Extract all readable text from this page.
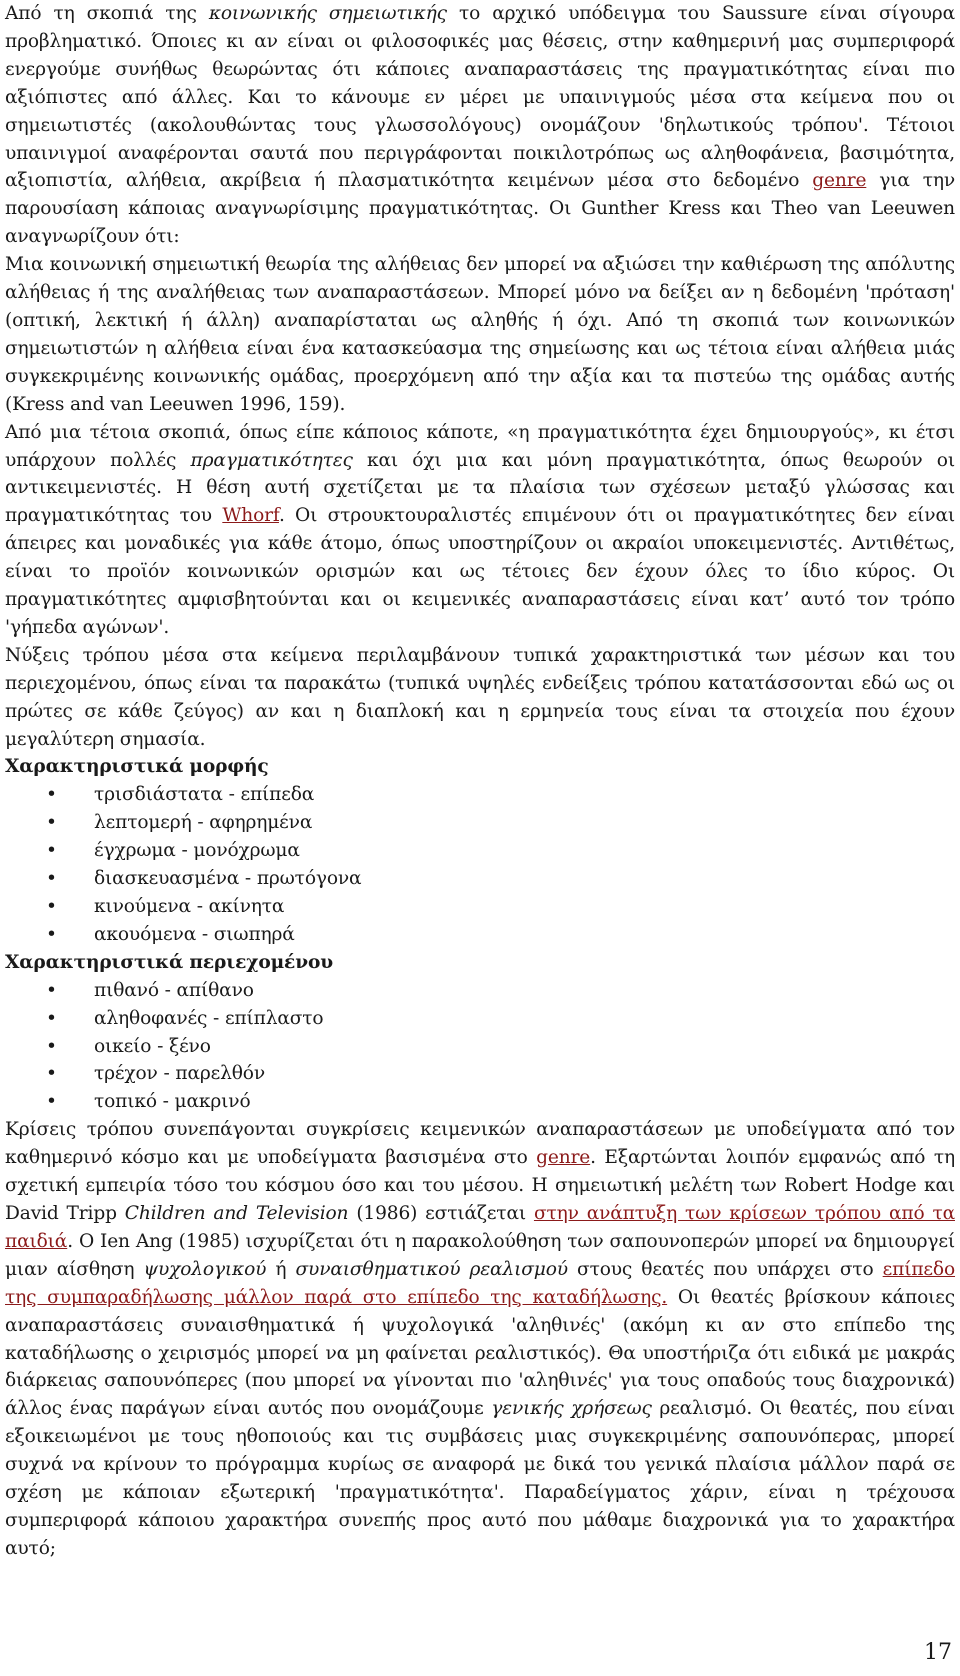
Από τη σκοπιά της κοινωνικής σημειωτικής το αρχικό υπόδειγμα του Saussure είναι σίγουρα προβληματικό. Όποιες κι αν είναι οι φιλοσοφικές μας θέσεις, στην καθημερινή μας συμπεριφορά ενεργούμε συνήθως θεωρώντας ότι κάποιες αναπαραστάσεις της πραγματικότητας είναι πιο αξιόπιστες από άλλες. Και το κάνουμε εν μέρει με υπαινιγμούς μέσα στα κείμενα που οι σημειωτιστές (ακολουθώντας τους γλωσσολόγους) ονομάζουν 'δηλωτικούς τρόπου'. Τέτοιοι υπαινιγμοί αναφέρονται σαυτά που περιγράφονται ποικιλοτρόπως ως αληθοφάνεια, βασιμότητα, αξιοπιστία, αλήθεια, ακρίβεια ή πλασματικότητα κειμένων μέσα στο δεδομένο genre για την παρουσίαση κάποιας αναγνωρίσιμης πραγματικότητας. Οι Gunther Kress και Theo van Leeuwen αναγνωρίζουν ότι:

Μια κοινωνική σημειωτική θεωρία της αλήθειας δεν μπορεί να αξιώσει την καθιέρωση της απόλυτης αλήθειας ή της αναλήθειας των αναπαραστάσεων. Μπορεί μόνο να δείξει αν η δεδομένη 'πρόταση' (οπτική, λεκτική ή άλλη) αναπαρίσταται ως αληθής ή όχι. Από τη σκοπιά των κοινωνικών σημειωτιστών η αλήθεια είναι ένα κατασκεύασμα της σημείωσης και ως τέτοια είναι αλήθεια μιάς συγκεκριμένης κοινωνικής ομάδας, προερχόμενη από την αξία και τα πιστεύω της ομάδας αυτής (Kress and van Leeuwen 1996, 159).

Από μια τέτοια σκοπιά, όπως είπε κάποιος κάποτε, «η πραγματικότητα έχει δημιουργούς», κι έτσι υπάρχουν πολλές πραγματικότητες και όχι μια και μόνη πραγματικότητα, όπως θεωρούν οι αντικειμενιστές. Η θέση αυτή σχετίζεται με τα πλαίσια των σχέσεων μεταξύ γλώσσας και πραγματικότητας του Whorf. Οι στρουκτουραλιστές επιμένουν ότι οι πραγματικότητες δεν είναι άπειρες και μοναδικές για κάθε άτομο, όπως υποστηρίζουν οι ακραίοι υποκειμενιστές. Αντιθέτως, είναι το προϊόν κοινωνικών ορισμών και ως τέτοιες δεν έχουν όλες το ίδιο κύρος. Οι πραγματικότητες αμφισβητούνται και οι κειμενικές αναπαραστάσεις είναι κατ’ αυτό τον τρόπο 'γήπεδα αγώνων'.

Νύξεις τρόπου μέσα στα κείμενα περιλαμβάνουν τυπικά χαρακτηριστικά των μέσων και του περιεχομένου, όπως είναι τα παρακάτω (τυπικά υψηλές ενδείξεις τρόπου κατατάσσονται εδώ ως οι πρώτες σε κάθε ζεύγος) αν και η διαπλοκή και η ερμηνεία τους είναι τα στοιχεία που έχουν μεγαλύτερη σημασία.

Χαρακτηριστικά μορφής

• τρισδιάστατα - επίπεδα
• λεπτομερή - αφηρημένα
• έγχρωμα - μονόχρωμα
• διασκευασμένα - πρωτόγονα
• κινούμενα - ακίνητα
• ακουόμενα - σιωπηρά

Χαρακτηριστικά περιεχομένου

• πιθανό - απίθανο
• αληθοφανές - επίπλαστο
• οικείο - ξένο
• τρέχον - παρελθόν
• τοπικό - μακρινό

Κρίσεις τρόπου συνεπάγονται συγκρίσεις κειμενικών αναπαραστάσεων με υποδείγματα από τον καθημερινό κόσμο και με υποδείγματα βασισμένα στο genre. Εξαρτώνται λοιπόν εμφανώς από τη σχετική εμπειρία τόσο του κόσμου όσο και του μέσου. Η σημειωτική μελέτη των Robert Hodge και David Tripp Children and Television (1986) εστιάζεται στην ανάπτυξη των κρίσεων τρόπου από τα παιδιά. Ο Ien Ang (1985) ισχυρίζεται ότι η παρακολούθηση των σαπουνοπερών μπορεί να δημιουργεί μιαν αίσθηση ψυχολογικού ή συναισθηματικού ρεαλισμού στους θεατές που υπάρχει στο επίπεδο της συμπαραδήλωσης μάλλον παρά στο επίπεδο της καταδήλωσης. Οι θεατές βρίσκουν κάποιες αναπαραστάσεις συναισθηματικά ή ψυχολογικά 'αληθινές' (ακόμη κι αν στο επίπεδο της καταδήλωσης ο χειρισμός μπορεί να μη φαίνεται ρεαλιστικός). Θα υποστήριζα ότι ειδικά με μακράς διάρκειας σαπουνόπερες (που μπορεί να γίνονται πιο 'αληθινές' για τους οπαδούς τους διαχρονικά) άλλος ένας παράγων είναι αυτός που ονομάζουμε γενικής χρήσεως ρεαλισμό. Οι θεατές, που είναι εξοικειωμένοι με τους ηθοποιούς και τις συμβάσεις μιας συγκεκριμένης σαπουνόπερας, μπορεί συχνά να κρίνουν το πρόγραμμα κυρίως σε αναφορά με δικά του γενικά πλαίσια μάλλον παρά σε σχέση με κάποιαν εξωτερική 'πραγματικότητα'. Παραδείγματος χάριν, είναι η τρέχουσα συμπεριφορά κάποιου χαρακτήρα συνεπής προς αυτό που μάθαμε διαχρονικά για το χαρακτήρα αυτό;

17
